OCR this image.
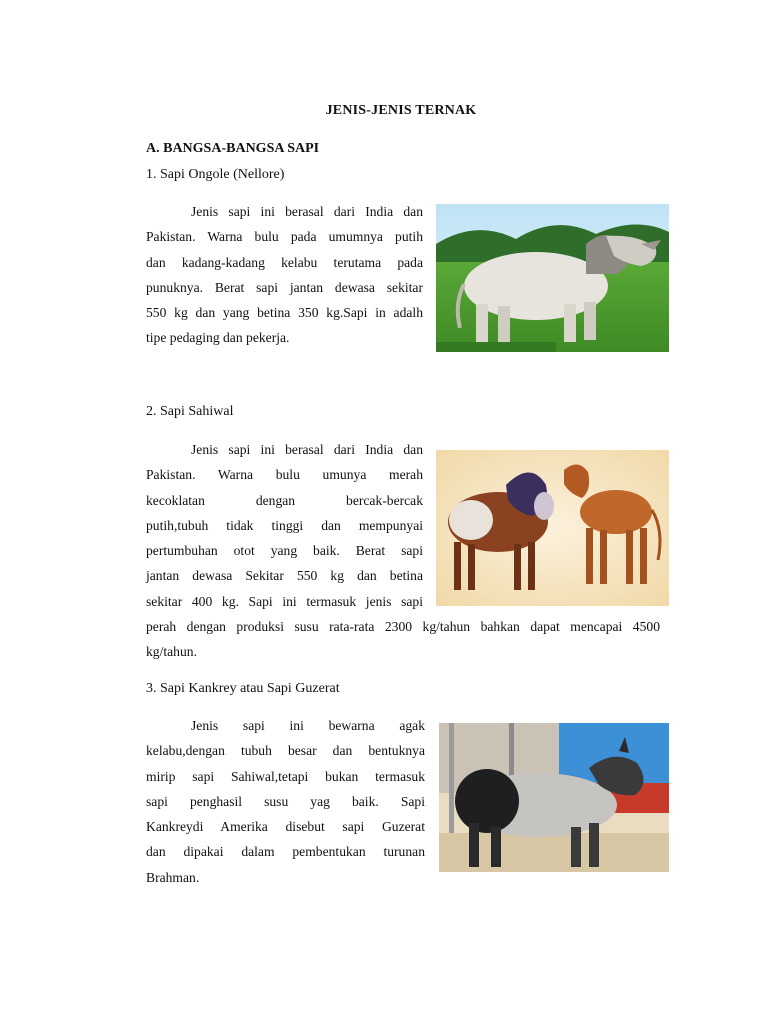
JENIS-JENIS TERNAK
A. BANGSA-BANGSA SAPI
1. Sapi Ongole (Nellore)
Jenis sapi ini berasal dari India dan
Pakistan. Warna bulu pada umumnya putih
dan kadang-kadang kelabu terutama pada
punuknya. Berat sapi jantan dewasa sekitar
550 kg dan yang betina 350 kg.Sapi in adalh
tipe pedaging dan pekerja.
2. Sapi Sahiwal
Jenis sapi ini berasal dari India dan
Pakistan. Warna bulu umunya merah
kecoklatan dengan bercak-bercak
putih,tubuh tidak tinggi dan mempunyai
pertumbuhan otot yang baik. Berat sapi
jantan dewasa Sekitar 550 kg dan betina
sekitar 400 kg. Sapi ini termasuk jenis sapi
perah dengan produksi susu rata-rata 2300 kg/tahun bahkan dapat mencapai 4500
kg/tahun.
3. Sapi Kankrey atau Sapi Guzerat
Jenis sapi ini bewarna agak
kelabu,dengan tubuh besar dan bentuknya
mirip sapi Sahiwal,tetapi bukan termasuk
sapi penghasil susu yag baik. Sapi
Kankreydi Amerika disebut sapi Guzerat
dan dipakai dalam pembentukan turunan
Brahman.
